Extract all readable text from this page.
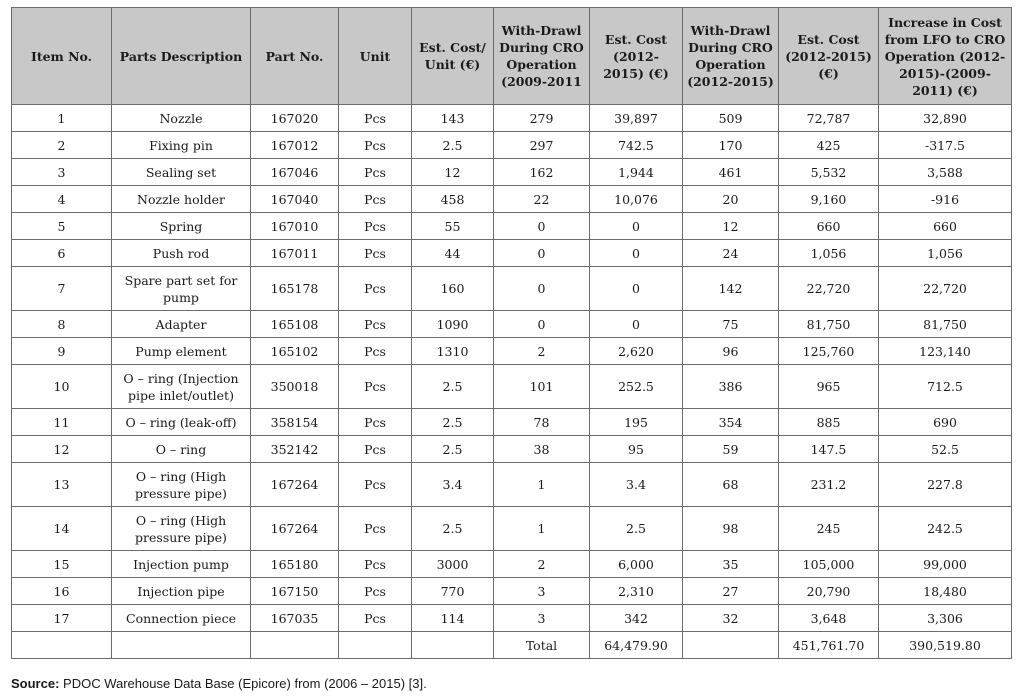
Item No.	Parts Description	Part No.	Unit	Est. Cost/ Unit (€)	With-Drawl During CRO Operation (2009-2011	Est. Cost (2012-2015) (€)	With-Drawl During CRO Operation (2012-2015)	Est. Cost (2012-2015) (€)	Increase in Cost from LFO to CRO Operation (2012-2015)-(2009-2011) (€)
1	Nozzle	167020	Pcs	143	279	39,897	509	72,787	32,890
2	Fixing pin	167012	Pcs	2.5	297	742.5	170	425	-317.5
3	Sealing set	167046	Pcs	12	162	1,944	461	5,532	3,588
4	Nozzle holder	167040	Pcs	458	22	10,076	20	9,160	-916
5	Spring	167010	Pcs	55	0	0	12	660	660
6	Push rod	167011	Pcs	44	0	0	24	1,056	1,056
7	Spare part set for pump	165178	Pcs	160	0	0	142	22,720	22,720
8	Adapter	165108	Pcs	1090	0	0	75	81,750	81,750
9	Pump element	165102	Pcs	1310	2	2,620	96	125,760	123,140
10	O – ring (Injection pipe inlet/outlet)	350018	Pcs	2.5	101	252.5	386	965	712.5
11	O – ring (leak-off)	358154	Pcs	2.5	78	195	354	885	690
12	O – ring	352142	Pcs	2.5	38	95	59	147.5	52.5
13	O – ring (High pressure pipe)	167264	Pcs	3.4	1	3.4	68	231.2	227.8
14	O – ring (High pressure pipe)	167264	Pcs	2.5	1	2.5	98	245	242.5
15	Injection pump	165180	Pcs	3000	2	6,000	35	105,000	99,000
16	Injection pipe	167150	Pcs	770	3	2,310	27	20,790	18,480
17	Connection piece	167035	Pcs	114	3	342	32	3,648	3,306
					Total	64,479.90		451,761.70	390,519.80
Source: PDOC Warehouse Data Base (Epicore) from (2006 – 2015) [3].
